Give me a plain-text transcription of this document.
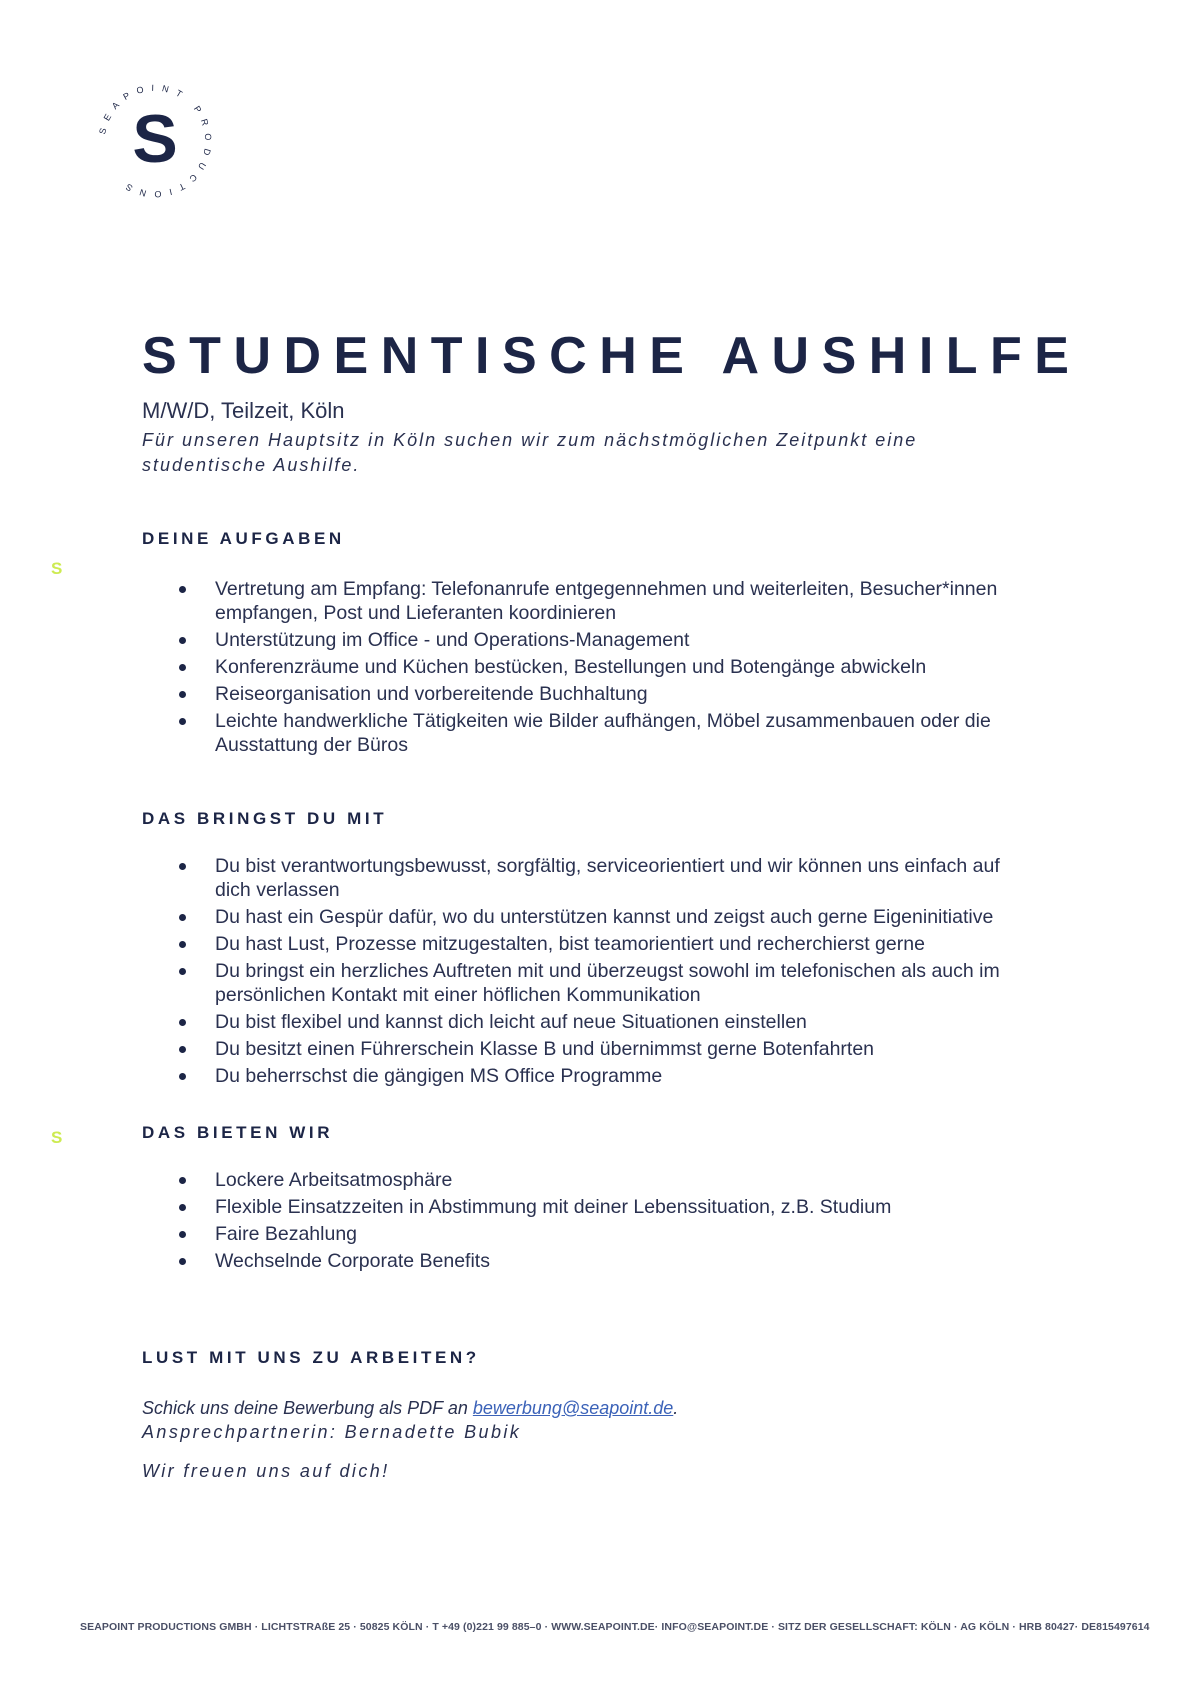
SEAPOINT PRODUCTIONS
S
S
S
STUDENTISCHE AUSHILFE
M/W/D, Teilzeit, Köln
Für unseren Hauptsitz in Köln suchen wir zum nächstmöglichen Zeitpunkt eine studentische Aushilfe.
DEINE AUFGABEN
Vertretung am Empfang: Telefonanrufe entgegennehmen und weiterleiten, Besucher*innen empfangen, Post und Lieferanten koordinieren
Unterstützung im Office - und Operations-Management
Konferenzräume und Küchen bestücken, Bestellungen und Botengänge abwickeln
Reiseorganisation und vorbereitende Buchhaltung
Leichte handwerkliche Tätigkeiten wie Bilder aufhängen, Möbel zusammenbauen oder die Ausstattung der Büros
DAS BRINGST DU MIT
Du bist verantwortungsbewusst, sorgfältig, serviceorientiert und wir können uns einfach auf dich verlassen
Du hast ein Gespür dafür, wo du unterstützen kannst und zeigst auch gerne Eigeninitiative
Du hast Lust, Prozesse mitzugestalten, bist teamorientiert und recherchierst gerne
Du bringst ein herzliches Auftreten mit und überzeugst sowohl im telefonischen als auch im persönlichen Kontakt mit einer höflichen Kommunikation
Du bist flexibel und kannst dich leicht auf neue Situationen einstellen
Du besitzt einen Führerschein Klasse B und übernimmst gerne Botenfahrten
Du beherrschst die gängigen MS Office Programme
DAS BIETEN WIR
Lockere Arbeitsatmosphäre
Flexible Einsatzzeiten in Abstimmung mit deiner Lebenssituation, z.B. Studium
Faire Bezahlung
Wechselnde Corporate Benefits
LUST MIT UNS ZU ARBEITEN?
Schick uns deine Bewerbung als PDF an bewerbung@seapoint.de.
Ansprechpartnerin: Bernadette Bubik
Wir freuen uns auf dich!
SEAPOINT PRODUCTIONS GMBH · LICHTSTRAßE 25 · 50825 KÖLN · T +49 (0)221 99 885–0 · WWW.SEAPOINT.DE· INFO@SEAPOINT.DE · SITZ DER GESELLSCHAFT: KÖLN · AG KÖLN · HRB 80427· DE815497614
